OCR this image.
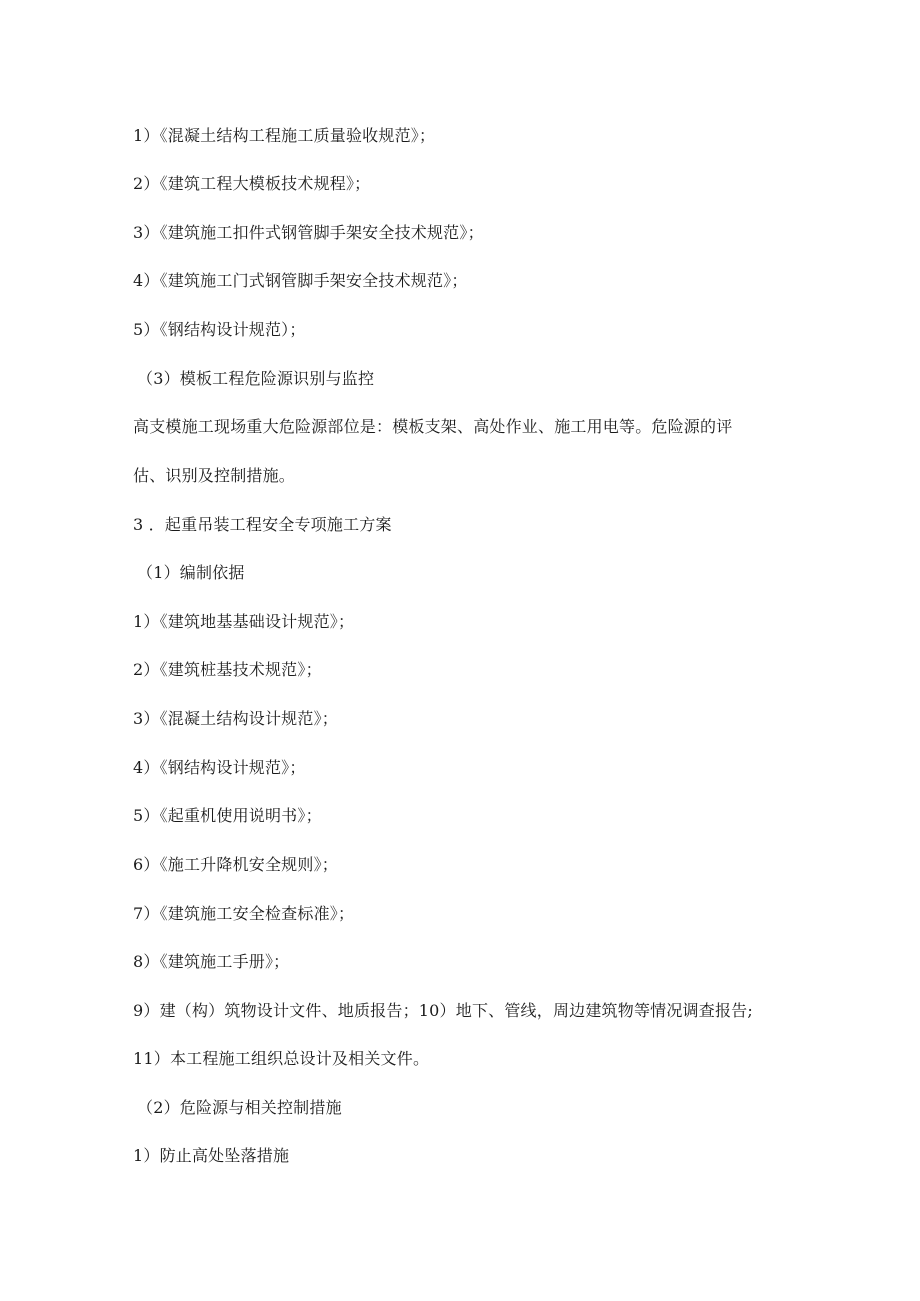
1）《混凝土结构工程施工质量验收规范》；
2）《建筑工程大模板技术规程》；
3）《建筑施工扣件式钢管脚手架安全技术规范》；
4）《建筑施工门式钢管脚手架安全技术规范》；
5）《钢结构设计规范）；
（3）模板工程危险源识别与监控
高支模施工现场重大危险源部位是：模板支架、高处作业、施工用电等。危险源的评
估、识别及控制措施。
3 ．起重吊装工程安全专项施工方案
（1）编制依据
1）《建筑地基基础设计规范》；
2）《建筑桩基技术规范》；
3）《混凝土结构设计规范》；
4）《钢结构设计规范》；
5）《起重机使用说明书》；
6）《施工升降机安全规则》；
7）《建筑施工安全检查标准》；
8）《建筑施工手册》；
9）建（构）筑物设计文件、地质报告；10）地下、管线，周边建筑物等情况调查报告;
11）本工程施工组织总设计及相关文件。
（2）危险源与相关控制措施
1）防止高处坠落措施
